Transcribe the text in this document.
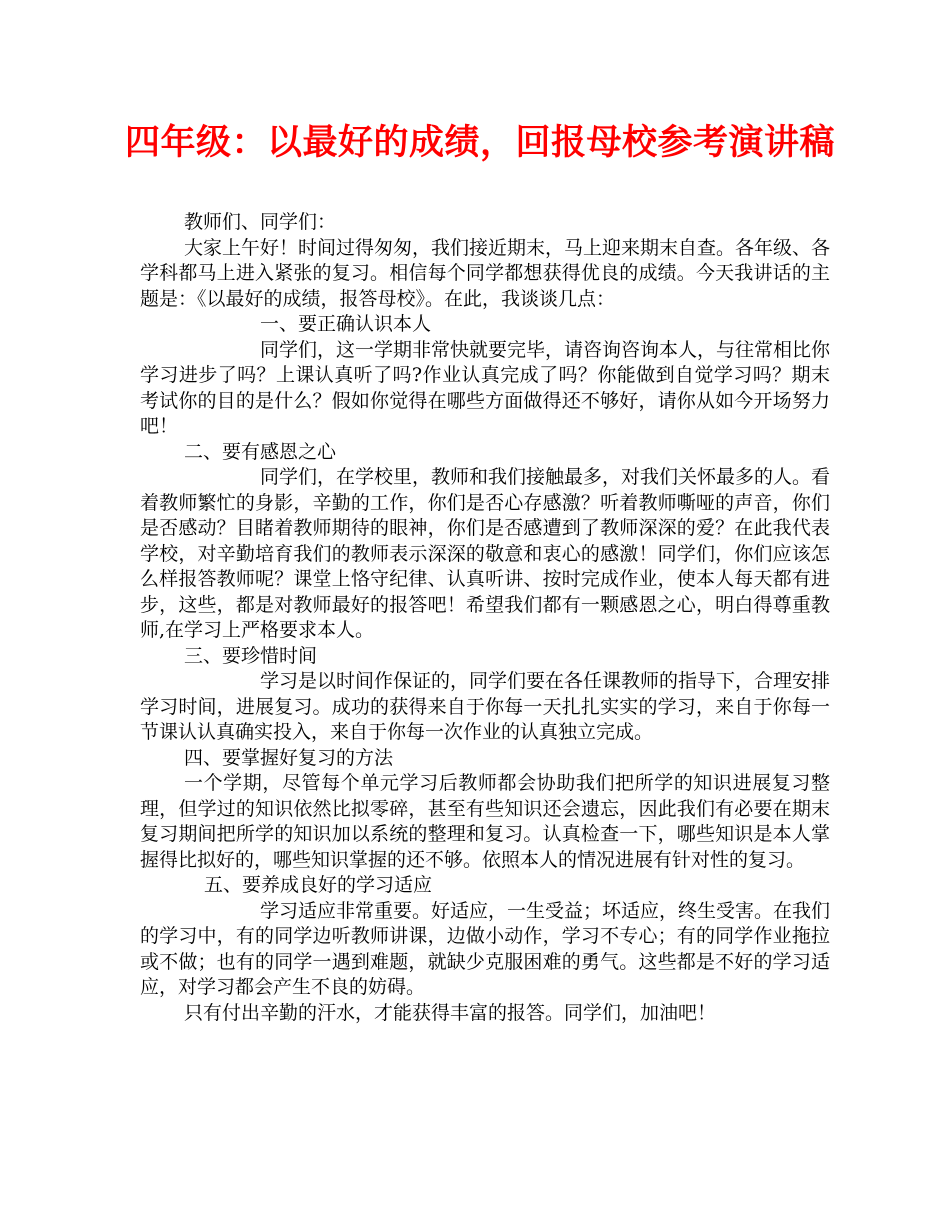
四年级：以最好的成绩，回报母校参考演讲稿

教师们、同学们：

大家上午好！时间过得匆匆，我们接近期末，马上迎来期末自查。各年级、各学科都马上进入紧张的复习。相信每个同学都想获得优良的成绩。今天我讲话的主题是：《以最好的成绩，报答母校》。在此，我谈谈几点：

一、要正确认识本人

同学们，这一学期非常快就要完毕，请咨询咨询本人，与往常相比你学习进步了吗？上课认真听了吗?作业认真完成了吗？你能做到自觉学习吗？期末考试你的目的是什么？假如你觉得在哪些方面做得还不够好，请你从如今开场努力吧！

二、要有感恩之心

同学们，在学校里，教师和我们接触最多，对我们关怀最多的人。看着教师繁忙的身影，辛勤的工作，你们是否心存感激？听着教师嘶哑的声音，你们是否感动？目睹着教师期待的眼神，你们是否感遭到了教师深深的爱？在此我代表学校，对辛勤培育我们的教师表示深深的敬意和衷心的感激！同学们，你们应该怎么样报答教师呢？课堂上恪守纪律、认真听讲、按时完成作业，使本人每天都有进步，这些，都是对教师最好的报答吧！希望我们都有一颗感恩之心，明白得尊重教师,在学习上严格要求本人。

三、要珍惜时间

学习是以时间作保证的，同学们要在各任课教师的指导下，合理安排学习时间，进展复习。成功的获得来自于你每一天扎扎实实的学习，来自于你每一节课认认真确实投入，来自于你每一次作业的认真独立完成。

四、要掌握好复习的方法

一个学期，尽管每个单元学习后教师都会协助我们把所学的知识进展复习整理，但学过的知识依然比拟零碎，甚至有些知识还会遗忘，因此我们有必要在期末复习期间把所学的知识加以系统的整理和复习。认真检查一下，哪些知识是本人掌握得比拟好的，哪些知识掌握的还不够。依照本人的情况进展有针对性的复习。

五、要养成良好的学习适应

学习适应非常重要。好适应，一生受益；坏适应，终生受害。在我们的学习中，有的同学边听教师讲课，边做小动作，学习不专心；有的同学作业拖拉或不做；也有的同学一遇到难题，就缺少克服困难的勇气。这些都是不好的学习适应，对学习都会产生不良的妨碍。

只有付出辛勤的汗水，才能获得丰富的报答。同学们，加油吧！
